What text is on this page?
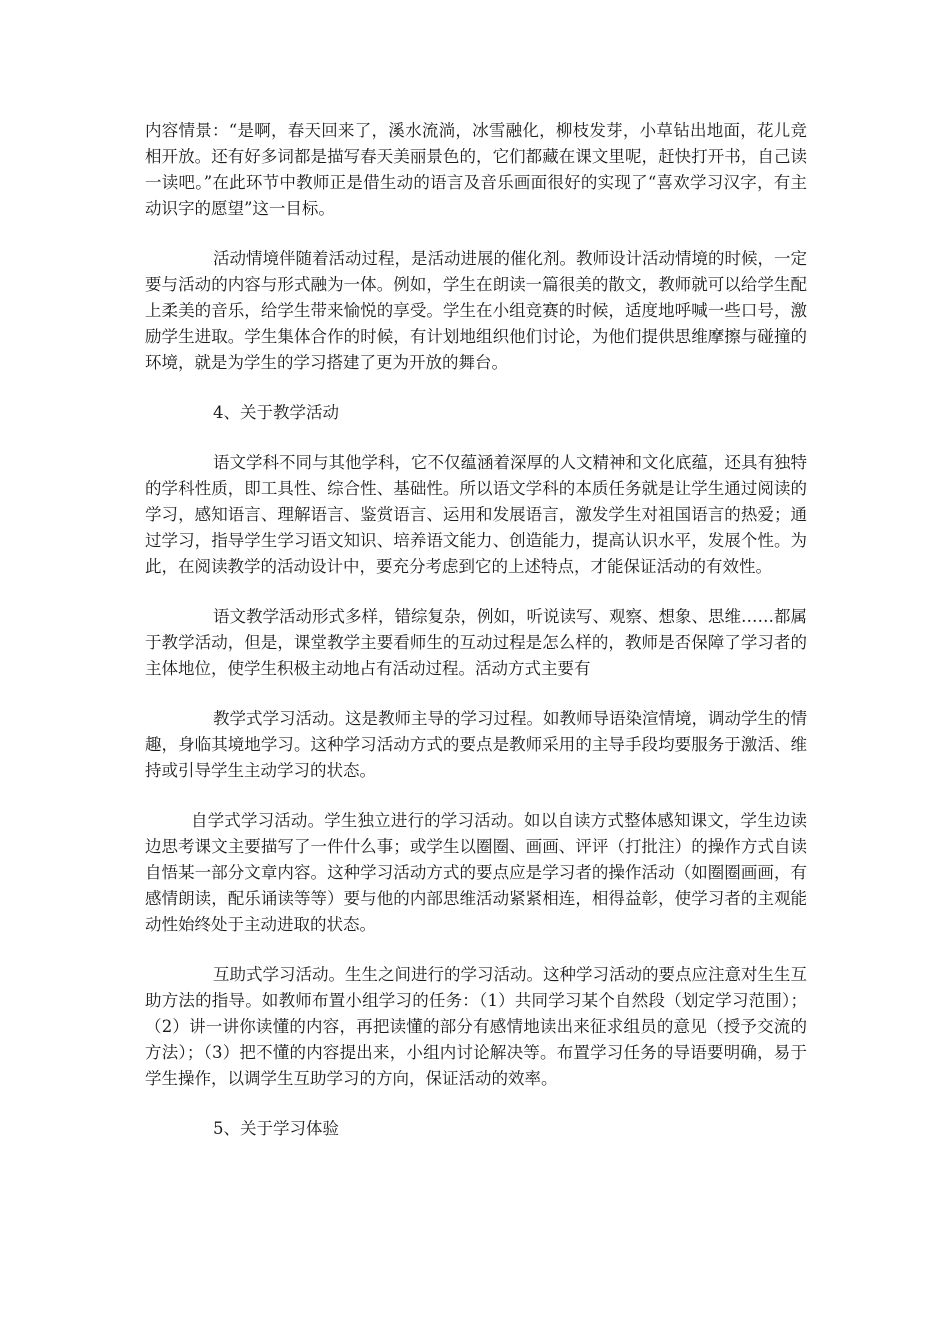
内容情景：“是啊，春天回来了，溪水流淌，冰雪融化，柳枝发芽，小草钻出地面，花儿竞相开放。还有好多词都是描写春天美丽景色的，它们都藏在课文里呢，赶快打开书，自己读一读吧。”在此环节中教师正是借生动的语言及音乐画面很好的实现了“喜欢学习汉字，有主动识字的愿望”这一目标。

活动情境伴随着活动过程，是活动进展的催化剂。教师设计活动情境的时候，一定要与活动的内容与形式融为一体。例如，学生在朗读一篇很美的散文，教师就可以给学生配上柔美的音乐，给学生带来愉悦的享受。学生在小组竞赛的时候，适度地呼喊一些口号，激励学生进取。学生集体合作的时候，有计划地组织他们讨论，为他们提供思维摩擦与碰撞的环境，就是为学生的学习搭建了更为开放的舞台。

4、关于教学活动

语文学科不同与其他学科，它不仅蕴涵着深厚的人文精神和文化底蕴，还具有独特的学科性质，即工具性、综合性、基础性。所以语文学科的本质任务就是让学生通过阅读的学习，感知语言、理解语言、鉴赏语言、运用和发展语言，激发学生对祖国语言的热爱；通过学习，指导学生学习语文知识、培养语文能力、创造能力，提高认识水平，发展个性。为此，在阅读教学的活动设计中，要充分考虑到它的上述特点，才能保证活动的有效性。

语文教学活动形式多样，错综复杂，例如，听说读写、观察、想象、思维……都属于教学活动，但是，课堂教学主要看师生的互动过程是怎么样的，教师是否保障了学习者的主体地位，使学生积极主动地占有活动过程。活动方式主要有

教学式学习活动。这是教师主导的学习过程。如教师导语染渲情境，调动学生的情趣，身临其境地学习。这种学习活动方式的要点是教师采用的主导手段均要服务于激活、维持或引导学生主动学习的状态。

自学式学习活动。学生独立进行的学习活动。如以自读方式整体感知课文，学生边读边思考课文主要描写了一件什么事；或学生以圈圈、画画、评评（打批注）的操作方式自读自悟某一部分文章内容。这种学习活动方式的要点应是学习者的操作活动（如圈圈画画，有感情朗读，配乐诵读等等）要与他的内部思维活动紧紧相连，相得益彰，使学习者的主观能动性始终处于主动进取的状态。

互助式学习活动。生生之间进行的学习活动。这种学习活动的要点应注意对生生互助方法的指导。如教师布置小组学习的任务：（1）共同学习某个自然段（划定学习范围）；（2）讲一讲你读懂的内容，再把读懂的部分有感情地读出来征求组员的意见（授予交流的方法）；（3）把不懂的内容提出来，小组内讨论解决等。布置学习任务的导语要明确，易于学生操作，以调学生互助学习的方向，保证活动的效率。

5、关于学习体验
